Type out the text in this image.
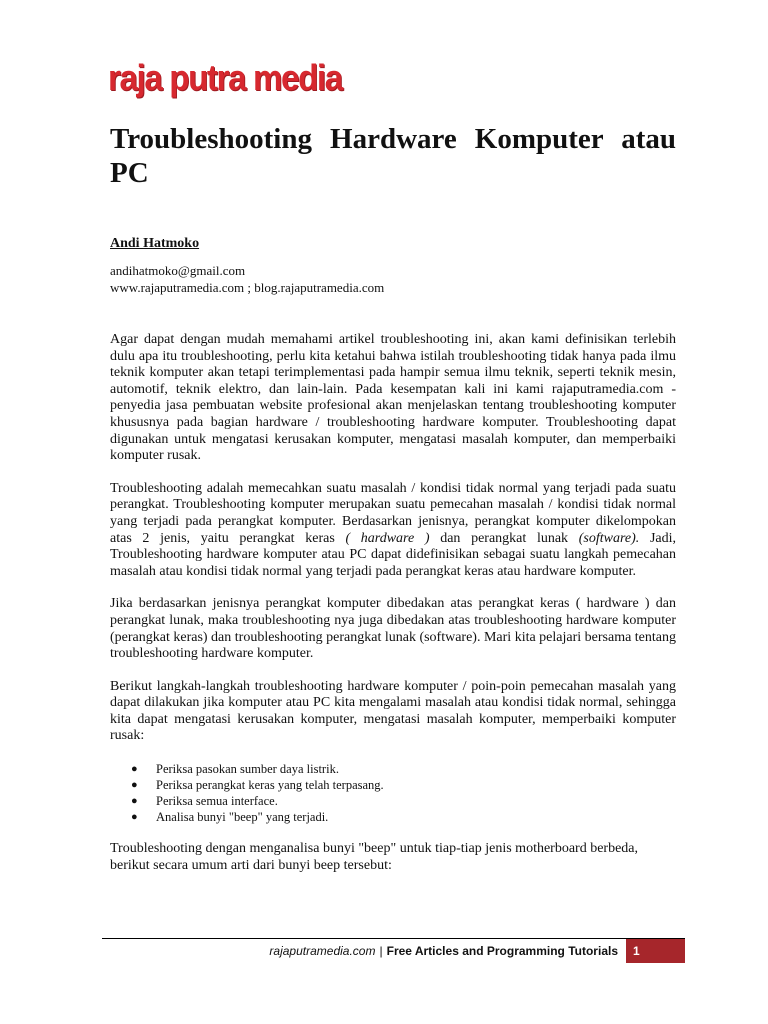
raja putra media
Troubleshooting Hardware Komputer atau PC
Andi Hatmoko
andihatmoko@gmail.com
www.rajaputramedia.com ; blog.rajaputramedia.com

Agar dapat dengan mudah memahami artikel troubleshooting ini, akan kami definisikan terlebih dulu apa itu troubleshooting, perlu kita ketahui bahwa istilah troubleshooting tidak hanya pada ilmu teknik komputer akan tetapi terimplementasi pada hampir semua ilmu teknik, seperti teknik mesin, automotif, teknik elektro, dan lain-lain. Pada kesempatan kali ini kami rajaputramedia.com - penyedia jasa pembuatan website profesional akan menjelaskan tentang troubleshooting komputer khususnya pada bagian hardware / troubleshooting hardware komputer. Troubleshooting dapat digunakan untuk mengatasi kerusakan komputer, mengatasi masalah komputer, dan memperbaiki komputer rusak.

Troubleshooting adalah memecahkan suatu masalah / kondisi tidak normal yang terjadi pada suatu perangkat. Troubleshooting komputer merupakan suatu pemecahan masalah / kondisi tidak normal yang terjadi pada perangkat komputer. Berdasarkan jenisnya, perangkat komputer dikelompokan atas 2 jenis, yaitu perangkat keras ( hardware ) dan perangkat lunak (software). Jadi, Troubleshooting hardware komputer atau PC dapat didefinisikan sebagai suatu langkah pemecahan masalah atau kondisi tidak normal yang terjadi pada perangkat keras atau hardware komputer.

Jika berdasarkan jenisnya perangkat komputer dibedakan atas perangkat keras ( hardware ) dan perangkat lunak, maka troubleshooting nya juga dibedakan atas troubleshooting hardware komputer (perangkat keras) dan troubleshooting perangkat lunak (software). Mari kita pelajari bersama tentang troubleshooting hardware komputer.

Berikut langkah-langkah troubleshooting hardware komputer / poin-poin pemecahan masalah yang dapat dilakukan jika komputer atau PC kita mengalami masalah atau kondisi tidak normal, sehingga kita dapat mengatasi kerusakan komputer, mengatasi masalah komputer, memperbaiki komputer rusak:

● Periksa pasokan sumber daya listrik.
● Periksa perangkat keras yang telah terpasang.
● Periksa semua interface.
● Analisa bunyi "beep" yang terjadi.

Troubleshooting dengan menganalisa bunyi "beep" untuk tiap-tiap jenis motherboard berbeda, berikut secara umum arti dari bunyi beep tersebut:

rajaputramedia.com | Free Articles and Programming Tutorials	1
